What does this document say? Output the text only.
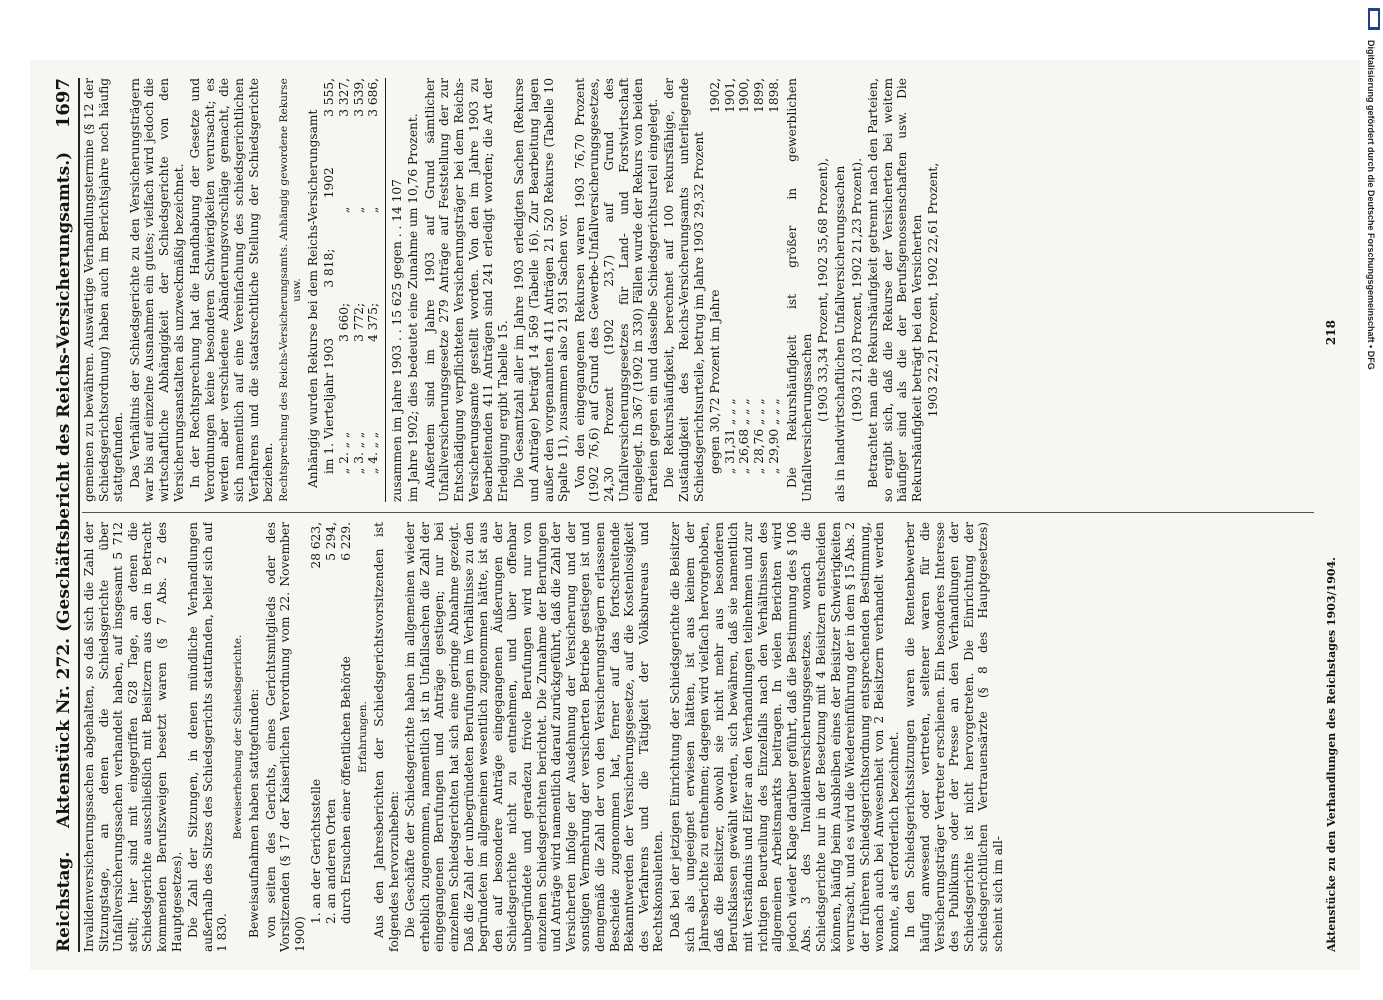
Reichstag.
Aktenstück Nr. 272. (Geschäftsbericht des Reichs-Versicherungsamts.)
1697

Invalidenversicherungssachen abgehalten, so daß sich die Zahl der Sitzungstage, an denen die Schiedsgerichte über Unfallversicherungssachen verhandelt haben, auf insgesamt 5 712 stellt; hier sind mit eingegriffen 628 Tage, an denen die Schiedsgerichte ausschließlich mit Beisitzern aus den in Betracht kommenden Berufszweigen besetzt waren (§ 7 Abs. 2 des Hauptgesetzes). Die Zahl der Sitzungen, in denen mündliche Verhandlungen außerhalb des Sitzes des Schiedsgerichts stattfanden, belief sich auf 1 830.

Beweiserhebung der Schiedsgerichte. Beweisaufnahmen haben stattgefunden: von seiten des Gerichts, eines Gerichtsmitglieds oder des Vorsitzenden (§ 17 der Kaiserlichen Verordnung vom 22. November 1900)

1. an der Gerichtsstelle
28 623,
2. an anderen Orten
5 294,
durch Ersuchen einer öffentlichen Behörde
6 229.

Erfahrungen. Aus den Jahresberichten der Schiedsgerichtsvorsitzenden ist folgendes hervorzuheben: Die Geschäfte der Schiedsgerichte haben im allgemeinen wieder erheblich zugenommen, namentlich ist in Unfallsachen die Zahl der eingegangenen Berufungen und Anträge gestiegen; nur bei einzelnen Schiedsgerichten hat sich eine geringe Abnahme gezeigt. Daß die Zahl der unbegründeten Berufungen im Verhältnisse zu den begründeten im allgemeinen wesentlich zugenommen hätte, ist aus den auf besondere Anträge eingegangenen Äußerungen der Schiedsgerichte nicht zu entnehmen, und über offenbar unbegründete und geradezu frivole Berufungen wird nur von einzelnen Schiedsgerichten berichtet. Die Zunahme der Berufungen und Anträge wird namentlich darauf zurückgeführt, daß die Zahl der Versicherten infolge der Ausdehnung der Versicherung und der sonstigen Vermehrung der versicherten Betriebe gestiegen ist und demgemäß die Zahl der von den Versicherungsträgern erlassenen Bescheide zugenommen hat, ferner auf das fortschreitende Bekanntwerden der Versicherungsgesetze, auf die Kostenlosigkeit des Verfahrens und die Tätigkeit der Volksbureaus und Rechtskonsulenten. Daß bei der jetzigen Einrichtung der Schiedsgerichte die Beisitzer sich als ungeeignet erwiesen hätten, ist aus keinem der Jahresberichte zu entnehmen; dagegen wird vielfach hervorgehoben, daß die Beisitzer, obwohl sie nicht mehr aus besonderen Berufsklassen gewählt werden, sich bewähren, daß sie namentlich mit Verständnis und Eifer an den Verhandlungen teilnehmen und zur richtigen Beurteilung des Einzelfalls nach den Verhältnissen des allgemeinen Arbeitsmarkts beitragen. In vielen Berichten wird jedoch wieder Klage darüber geführt, daß die Bestimmung des § 106 Abs. 3 des Invalidenversicherungsgesetzes, wonach die Schiedsgerichte nur in der Besetzung mit 4 Beisitzern entscheiden können, häufig beim Ausbleiben eines der Beisitzer Schwierigkeiten verursacht, und es wird die Wiedereinführung der in dem § 15 Abs. 2 der früheren Schiedsgerichtsordnung entsprechenden Bestimmung, wonach auch bei Anwesenheit von 2 Beisitzern verhandelt werden konnte, als erforderlich bezeichnet. In den Schiedsgerichtssitzungen waren die Rentenbewerber häufig anwesend oder vertreten, seltener waren für die Versicherungsträger Vertreter erschienen. Ein besonderes Interesse des Publikums oder der Presse an den Verhandlungen der Schiedsgerichte ist nicht hervorgetreten. Die Einrichtung der schiedsgerichtlichen Vertrauensärzte (§ 8 des Hauptgesetzes) scheint sich im all-

gemeinen zu bewähren. Auswärtige Verhandlungstermine (§ 12 der Schiedsgerichtsordnung) haben auch im Berichtsjahre noch häufig stattgefunden. Das Verhältnis der Schiedsgerichte zu den Versicherungsträgern war bis auf einzelne Ausnahmen ein gutes; vielfach wird jedoch die wirtschaftliche Abhängigkeit der Schiedsgerichte von den Versicherungsanstalten als unzweckmäßig bezeichnet. In der Rechtsprechung hat die Handhabung der Gesetze und Verordnungen keine besonderen Schwierigkeiten verursacht; es werden aber verschiedene Abänderungsvorschläge gemacht, die sich namentlich auf eine Vereinfachung des schiedsgerichtlichen Verfahrens und die staatsrechtliche Stellung der Schiedsgerichte beziehen. Rechtsprechung des Reichs-Versicherungsamts. Anhängig gewordene Rekurse usw. Anhängig wurden Rekurse bei dem Reichs-Versicherungsamt im 1. Vierteljahr 1903
3 818;
1902
3 555,
„ 2. „ „
3 660;
„
3 327,
„ 3. „ „
3 772;
„
3 539,
„ 4. „ „
4 375;
„
3 686,

zusammen im Jahre 1903 . . 15 625 gegen . . 14 107 im Jahre 1902; dies bedeutet eine Zunahme um 10,76 Prozent. Außerdem sind im Jahre 1903 auf Grund sämtlicher Unfallversicherungsgesetze 279 Anträge auf Feststellung der zur Entschädigung verpflichteten Versicherungsträger bei dem Reichs-Versicherungsamte gestellt worden. Von den im Jahre 1903 zu bearbeitenden 411 Anträgen sind 241 erledigt worden; die Art der Erledigung ergibt Tabelle 15. Die Gesamtzahl aller im Jahre 1903 erledigten Sachen (Rekurse und Anträge) beträgt 14 569 (Tabelle 16). Zur Bearbeitung lagen außer den vorgenannten 411 Anträgen 21 520 Rekurse (Tabelle 10 Spalte 11), zusammen also 21 931 Sachen vor. Von den eingegangenen Rekursen waren 1903 76,70 Prozent (1902 76,6) auf Grund des Gewerbe-Unfallversicherungsgesetzes, 24,30 Prozent (1902 23,7) auf Grund des Unfallversicherungsgesetzes für Land- und Forstwirtschaft eingelegt. In 367 (1902 in 330) Fällen wurde der Rekurs von beiden Parteien gegen ein und dasselbe Schiedsgerichtsurteil eingelegt. Die Rekurshäufigkeit, berechnet auf 100 rekursfähige, der Zuständigkeit des Reichs-Versicherungsamts unterliegende Schiedsgerichtsurteile, betrug im Jahre 1903 29,32 Prozent gegen 30,72 Prozent im Jahre
1902,
„ 31,31 „ „ „
1901,
„ 26,68 „ „ „
1900,
„ 28,76 „ „ „
1899,
„ 29,90 „ „ „
1898. Die Rekurshäufigkeit ist größer in gewerblichen Unfallversicherungssachen (1903 33,34 Prozent, 1902 35,68 Prozent), als in landwirtschaftlichen Unfallversicherungssachen (1903 21,03 Prozent, 1902 21,23 Prozent). Betrachtet man die Rekurshäufigkeit getrennt nach den Parteien, so ergibt sich, daß die Rekurse der Versicherten bei weitem häufiger sind als die der Berufsgenossenschaften usw. Die Rekurshäufigkeit beträgt bei den Versicherten 1903 22,21 Prozent, 1902 22,61 Prozent,

Aktenstücke zu den Verhandlungen des Reichstages 1903/1904.
218	Digitalisierung gefördert durch die Deutsche Forschungsgemeinschaft • DFG
